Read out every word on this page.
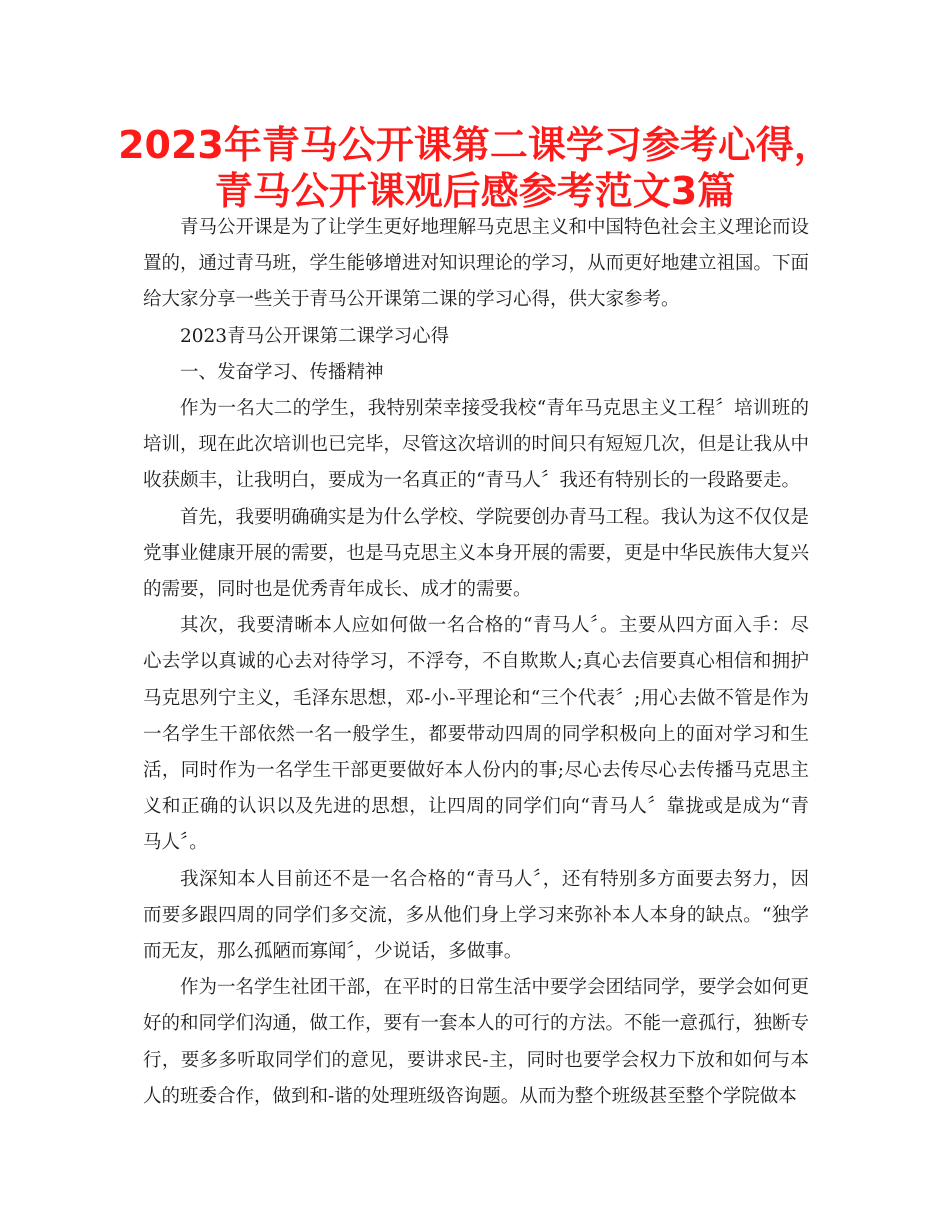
2023年青马公开课第二课学习参考心得，
青马公开课观后感参考范文3篇

青马公开课是为了让学生更好地理解马克思主义和中国特色社会主义理论而设置的，通过青马班，学生能够增进对知识理论的学习，从而更好地建立祖国。下面给大家分享一些关于青马公开课第二课的学习心得，供大家参考。

2023青马公开课第二课学习心得

一、发奋学习、传播精神

作为一名大二的学生，我特别荣幸接受我校“青年马克思主义工程〞培训班的培训，现在此次培训也已完毕，尽管这次培训的时间只有短短几次，但是让我从中收获颇丰，让我明白，要成为一名真正的“青马人〞我还有特别长的一段路要走。

首先，我要明确确实是为什么学校、学院要创办青马工程。我认为这不仅仅是党事业健康开展的需要，也是马克思主义本身开展的需要，更是中华民族伟大复兴的需要，同时也是优秀青年成长、成才的需要。

其次，我要清晰本人应如何做一名合格的“青马人〞。主要从四方面入手：尽心去学以真诚的心去对待学习，不浮夸，不自欺欺人;真心去信要真心相信和拥护马克思列宁主义，毛泽东思想，邓-小-平理论和“三个代表〞;用心去做不管是作为一名学生干部依然一名一般学生，都要带动四周的同学积极向上的面对学习和生活，同时作为一名学生干部更要做好本人份内的事;尽心去传尽心去传播马克思主义和正确的认识以及先进的思想，让四周的同学们向“青马人〞靠拢或是成为“青马人〞。

我深知本人目前还不是一名合格的“青马人〞，还有特别多方面要去努力，因而要多跟四周的同学们多交流，多从他们身上学习来弥补本人本身的缺点。“独学而无友，那么孤陋而寡闻〞，少说话，多做事。

作为一名学生社团干部，在平时的日常生活中要学会团结同学，要学会如何更好的和同学们沟通，做工作，要有一套本人的可行的方法。不能一意孤行，独断专行，要多多听取同学们的意见，要讲求民-主，同时也要学会权力下放和如何与本人的班委合作，做到和-谐的处理班级咨询题。从而为整个班级甚至整个学院做本
